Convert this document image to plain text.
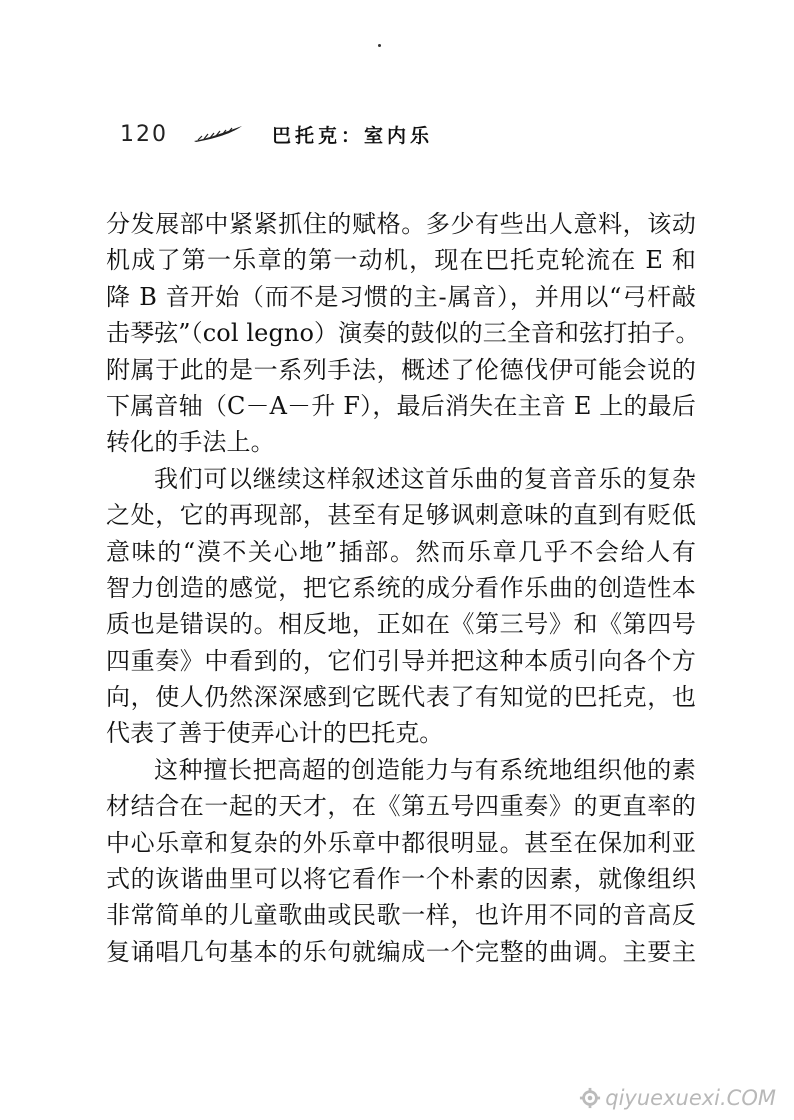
120	巴托克：室内乐

分发展部中紧紧抓住的赋格。多少有些出人意料，该动
机成了第一乐章的第一动机，现在巴托克轮流在 E 和
降 B 音开始（而不是习惯的主-属音），并用以“弓杆敲
击琴弦”（col legno）演奏的鼓似的三全音和弦打拍子。
附属于此的是一系列手法，概述了伦德伐伊可能会说的
下属音轴（C－A－升 F），最后消失在主音 E 上的最后
转化的手法上。

我们可以继续这样叙述这首乐曲的复音音乐的复杂
之处，它的再现部，甚至有足够讽刺意味的直到有贬低
意味的“漠不关心地”插部。然而乐章几乎不会给人有
智力创造的感觉，把它系统的成分看作乐曲的创造性本
质也是错误的。相反地，正如在《第三号》和《第四号
四重奏》中看到的，它们引导并把这种本质引向各个方
向，使人仍然深深感到它既代表了有知觉的巴托克，也
代表了善于使弄心计的巴托克。

这种擅长把高超的创造能力与有系统地组织他的素
材结合在一起的天才，在《第五号四重奏》的更直率的
中心乐章和复杂的外乐章中都很明显。甚至在保加利亚
式的诙谐曲里可以将它看作一个朴素的因素，就像组织
非常简单的儿童歌曲或民歌一样，也许用不同的音高反
复诵唱几句基本的乐句就编成一个完整的曲调。主要主

qiyuexuexi.COM
